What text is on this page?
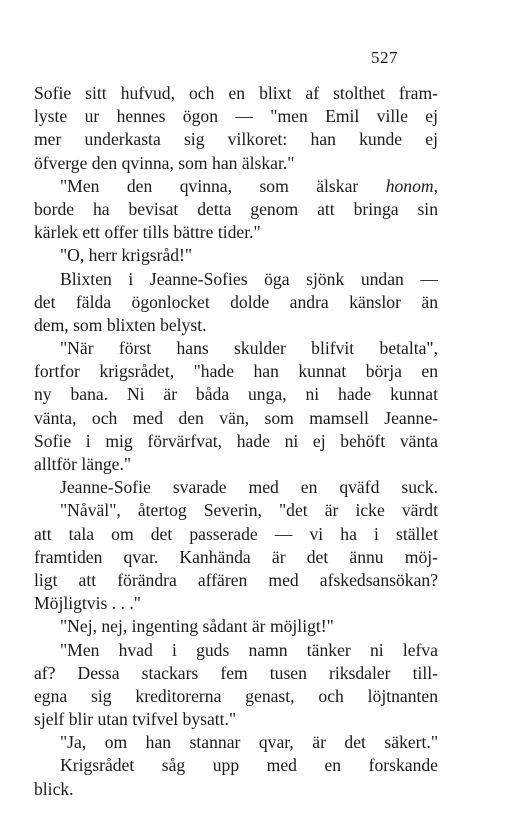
527
Sofie sitt hufvud, och en blixt af stolthet fram-
lyste ur hennes ögon — "men Emil ville ej
mer underkasta sig vilkoret: han kunde ej
öfverge den qvinna, som han älskar."
"Men den qvinna, som älskar honom,
borde ha bevisat detta genom att bringa sin
kärlek ett offer tills bättre tider."
"O, herr krigsråd!"
Blixten i Jeanne-Sofies öga sjönk undan —
det fälda ögonlocket dolde andra känslor än
dem, som blixten belyst.
"När först hans skulder blifvit betalta",
fortfor krigsrådet, "hade han kunnat börja en
ny bana. Ni är båda unga, ni hade kunnat
vänta, och med den vän, som mamsell Jeanne-
Sofie i mig förvärfvat, hade ni ej behöft vänta
alltför länge."
Jeanne-Sofie svarade med en qväfd suck.
"Nåväl", återtog Severin, "det är icke värdt
att tala om det passerade — vi ha i stället
framtiden qvar. Kanhända är det ännu möj-
ligt att förändra affären med afskedsansökan?
Möjligtvis . . ."
"Nej, nej, ingenting sådant är möjligt!"
"Men hvad i guds namn tänker ni lefva
af? Dessa stackars fem tusen riksdaler till-
egna sig kreditorerna genast, och löjtnanten
sjelf blir utan tvifvel bysatt."
"Ja, om han stannar qvar, är det säkert."
Krigsrådet såg upp med en forskande
blick.
